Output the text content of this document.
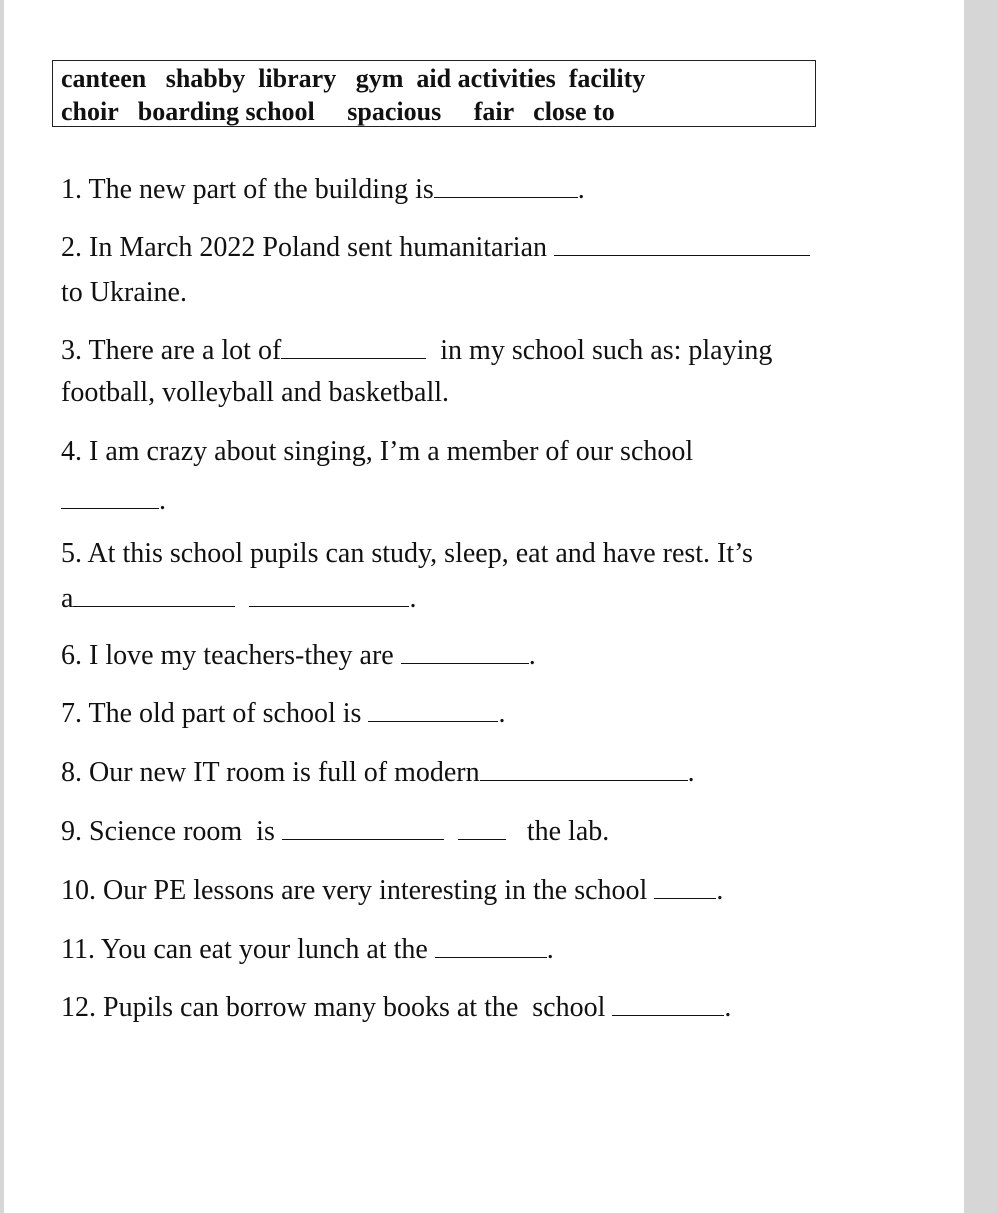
canteen shabby library gym aid activities facility
choir boarding school spacious fair close to
1. The new part of the building is	.
2. In March 2022 Poland sent humanitarian
to Ukraine.
3. There are a lot of	in my school such as: playing
football, volleyball and basketball.
4. I am crazy about singing, I’m a member of our school
.
5. At this school pupils can study, sleep, eat and have rest. It’s
a	.
6. I love my teachers-they are	.
7. The old part of school is	.
8. Our new IT room is full of modern	.
9. Science room  is	the lab.
10. Our PE lessons are very interesting in the school .
11. You can eat your lunch at the	.
12. Pupils can borrow many books at the  school	.
